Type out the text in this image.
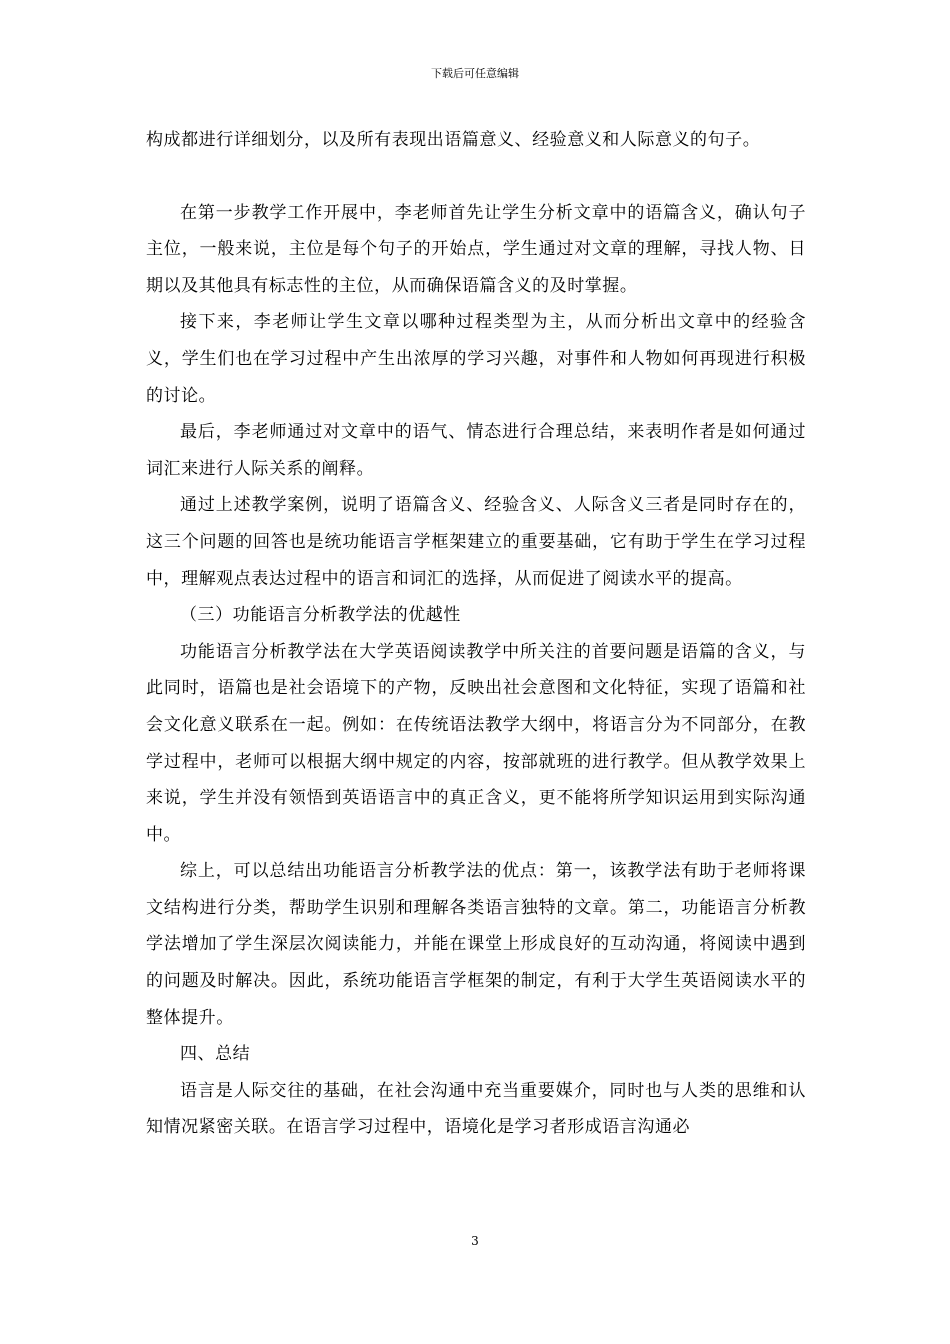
下载后可任意编辑

构成都进行详细划分，以及所有表现出语篇意义、经验意义和人际意义的句子。

在第一步教学工作开展中，李老师首先让学生分析文章中的语篇含义，确认句子主位，一般来说，主位是每个句子的开始点，学生通过对文章的理解，寻找人物、日期以及其他具有标志性的主位，从而确保语篇含义的及时掌握。

接下来，李老师让学生文章以哪种过程类型为主，从而分析出文章中的经验含义，学生们也在学习过程中产生出浓厚的学习兴趣，对事件和人物如何再现进行积极的讨论。

最后，李老师通过对文章中的语气、情态进行合理总结，来表明作者是如何通过词汇来进行人际关系的阐释。

通过上述教学案例，说明了语篇含义、经验含义、人际含义三者是同时存在的，这三个问题的回答也是统功能语言学框架建立的重要基础，它有助于学生在学习过程中，理解观点表达过程中的语言和词汇的选择，从而促进了阅读水平的提高。

（三）功能语言分析教学法的优越性

功能语言分析教学法在大学英语阅读教学中所关注的首要问题是语篇的含义，与此同时，语篇也是社会语境下的产物，反映出社会意图和文化特征，实现了语篇和社会文化意义联系在一起。例如：在传统语法教学大纲中，将语言分为不同部分，在教学过程中，老师可以根据大纲中规定的内容，按部就班的进行教学。但从教学效果上来说，学生并没有领悟到英语语言中的真正含义，更不能将所学知识运用到实际沟通中。

综上，可以总结出功能语言分析教学法的优点：第一，该教学法有助于老师将课文结构进行分类，帮助学生识别和理解各类语言独特的文章。第二，功能语言分析教学法增加了学生深层次阅读能力，并能在课堂上形成良好的互动沟通，将阅读中遇到的问题及时解决。因此，系统功能语言学框架的制定，有利于大学生英语阅读水平的整体提升。

四、总结

语言是人际交往的基础，在社会沟通中充当重要媒介，同时也与人类的思维和认知情况紧密关联。在语言学习过程中，语境化是学习者形成语言沟通必

3
